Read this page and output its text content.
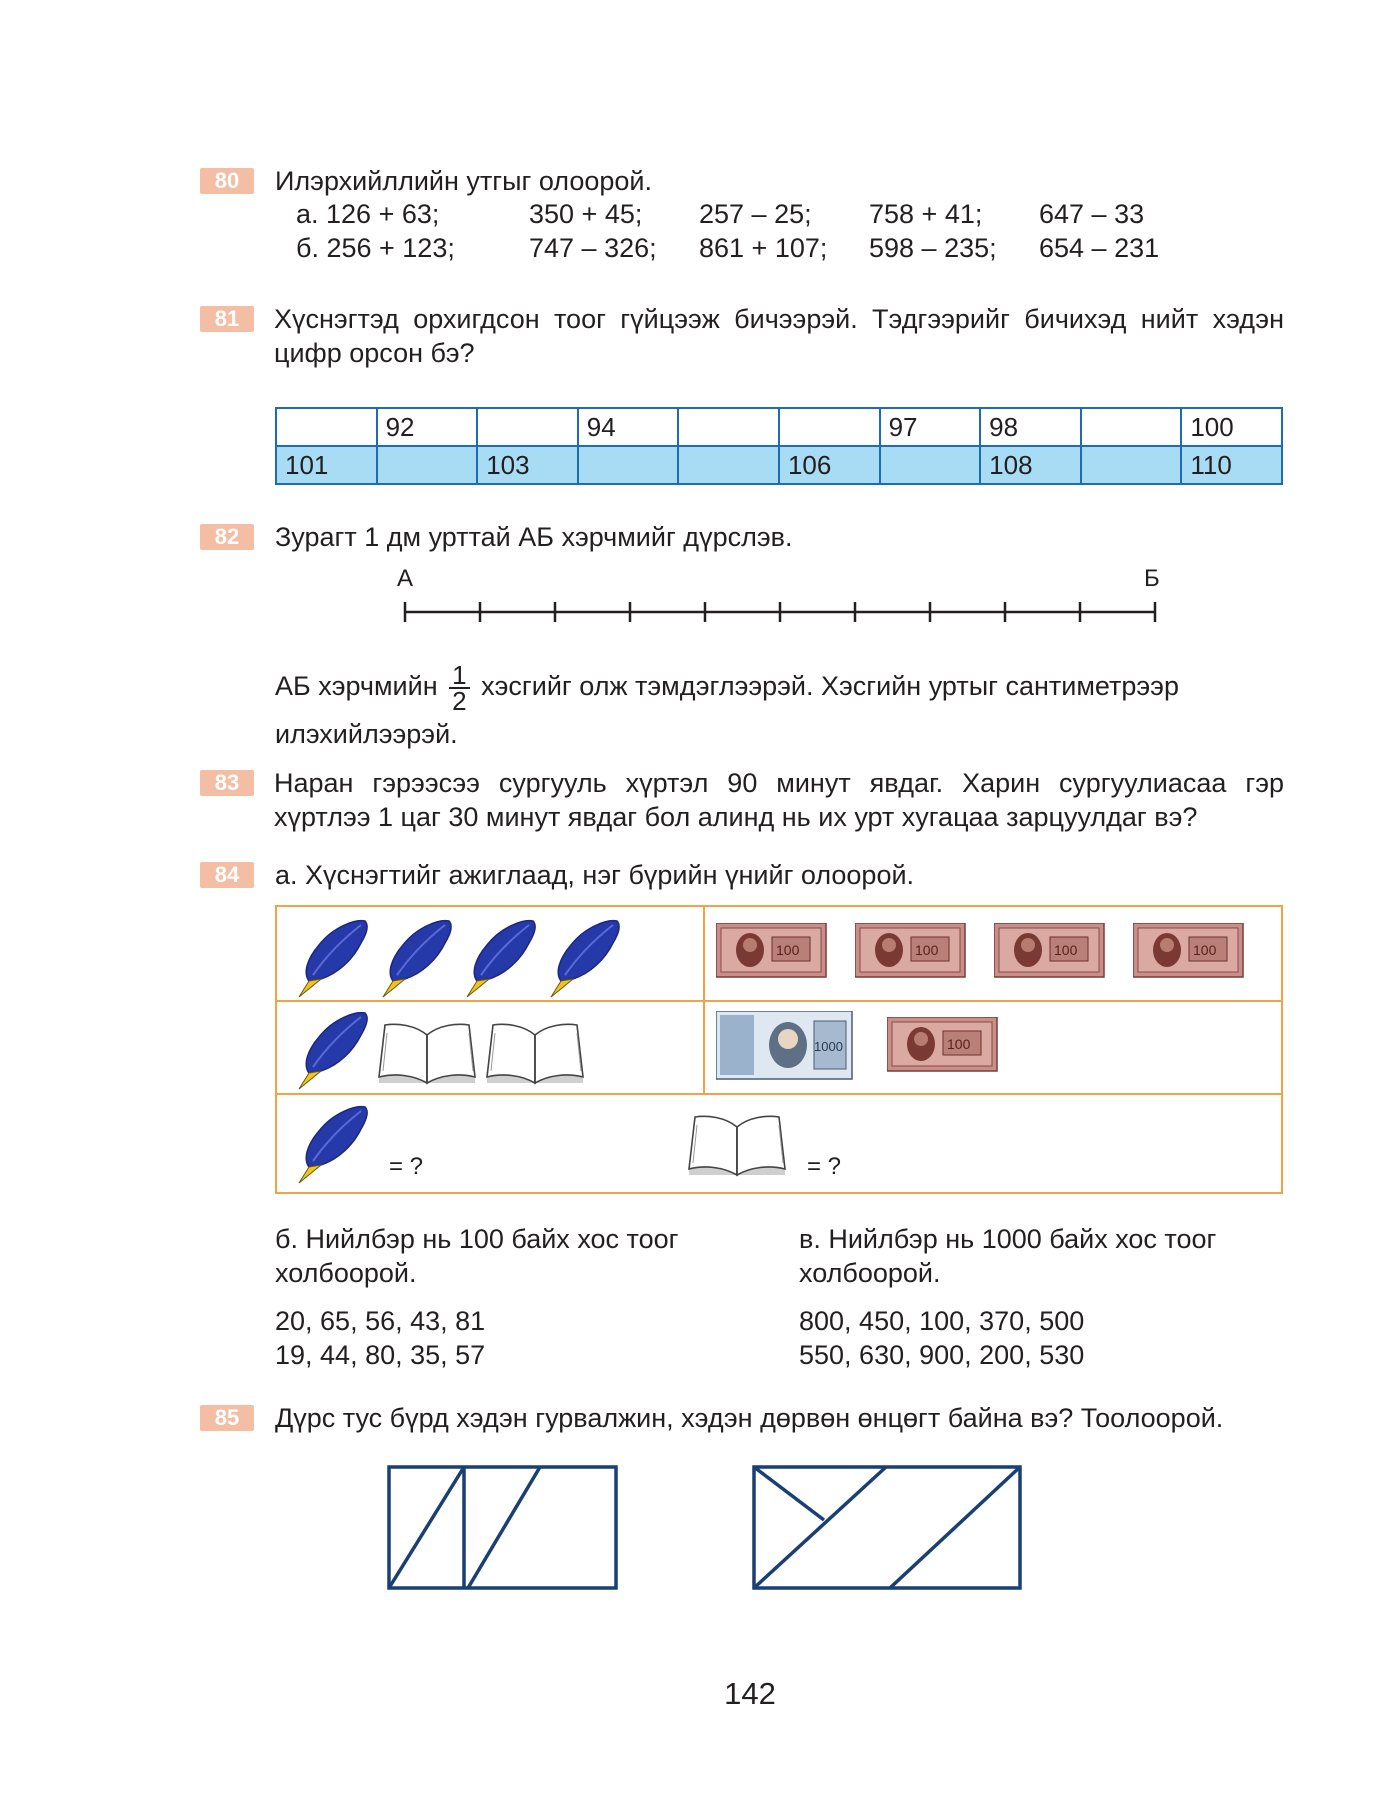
80	Илэрхийллийн утгыг олоорой.
а. 126 + 63;	350 + 45; 257 – 25; 758 + 41; 647 – 33
б. 256 + 123;	747 – 326; 861 + 107; 598 – 235; 654 – 231
81	Хүснэгтэд орхигдсон тоог гүйцээж бичээрэй. Тэдгээрийг бичихэд нийт хэдэн цифр орсон бэ?
	92		94			97	98		100
101		103			106		108		110
82	Зурагт 1 дм урттай АБ хэрчмийг дүрслэв.
А	Б
АБ хэрчмийн $\frac{1}{2}$ хэсгийг олж тэмдэглээрэй. Хэсгийн уртыг сантиметрээр
илэхийлээрэй.
83	Наран гэрээсээ сургууль хүртэл 90 минут явдаг. Харин сургуулиасаа гэр хүртлээ 1 цаг 30 минут явдаг бол алинд нь их урт хугацаа зарцуулдаг вэ?
84	а. Хүснэгтийг ажиглаад, нэг бүрийн үнийг олоорой.
= ?	= ?
б. Нийлбэр нь 100 байх хос тоог холбоорой.
20, 65, 56, 43, 81
19, 44, 80, 35, 57
в. Нийлбэр нь 1000 байх хос тоог холбоорой.
800, 450, 100, 370, 500
550, 630, 900, 200, 530
85	Дүрс тус бүрд хэдэн гурвалжин, хэдэн дөрвөн өнцөгт байна вэ? Тоолоорой.
142
